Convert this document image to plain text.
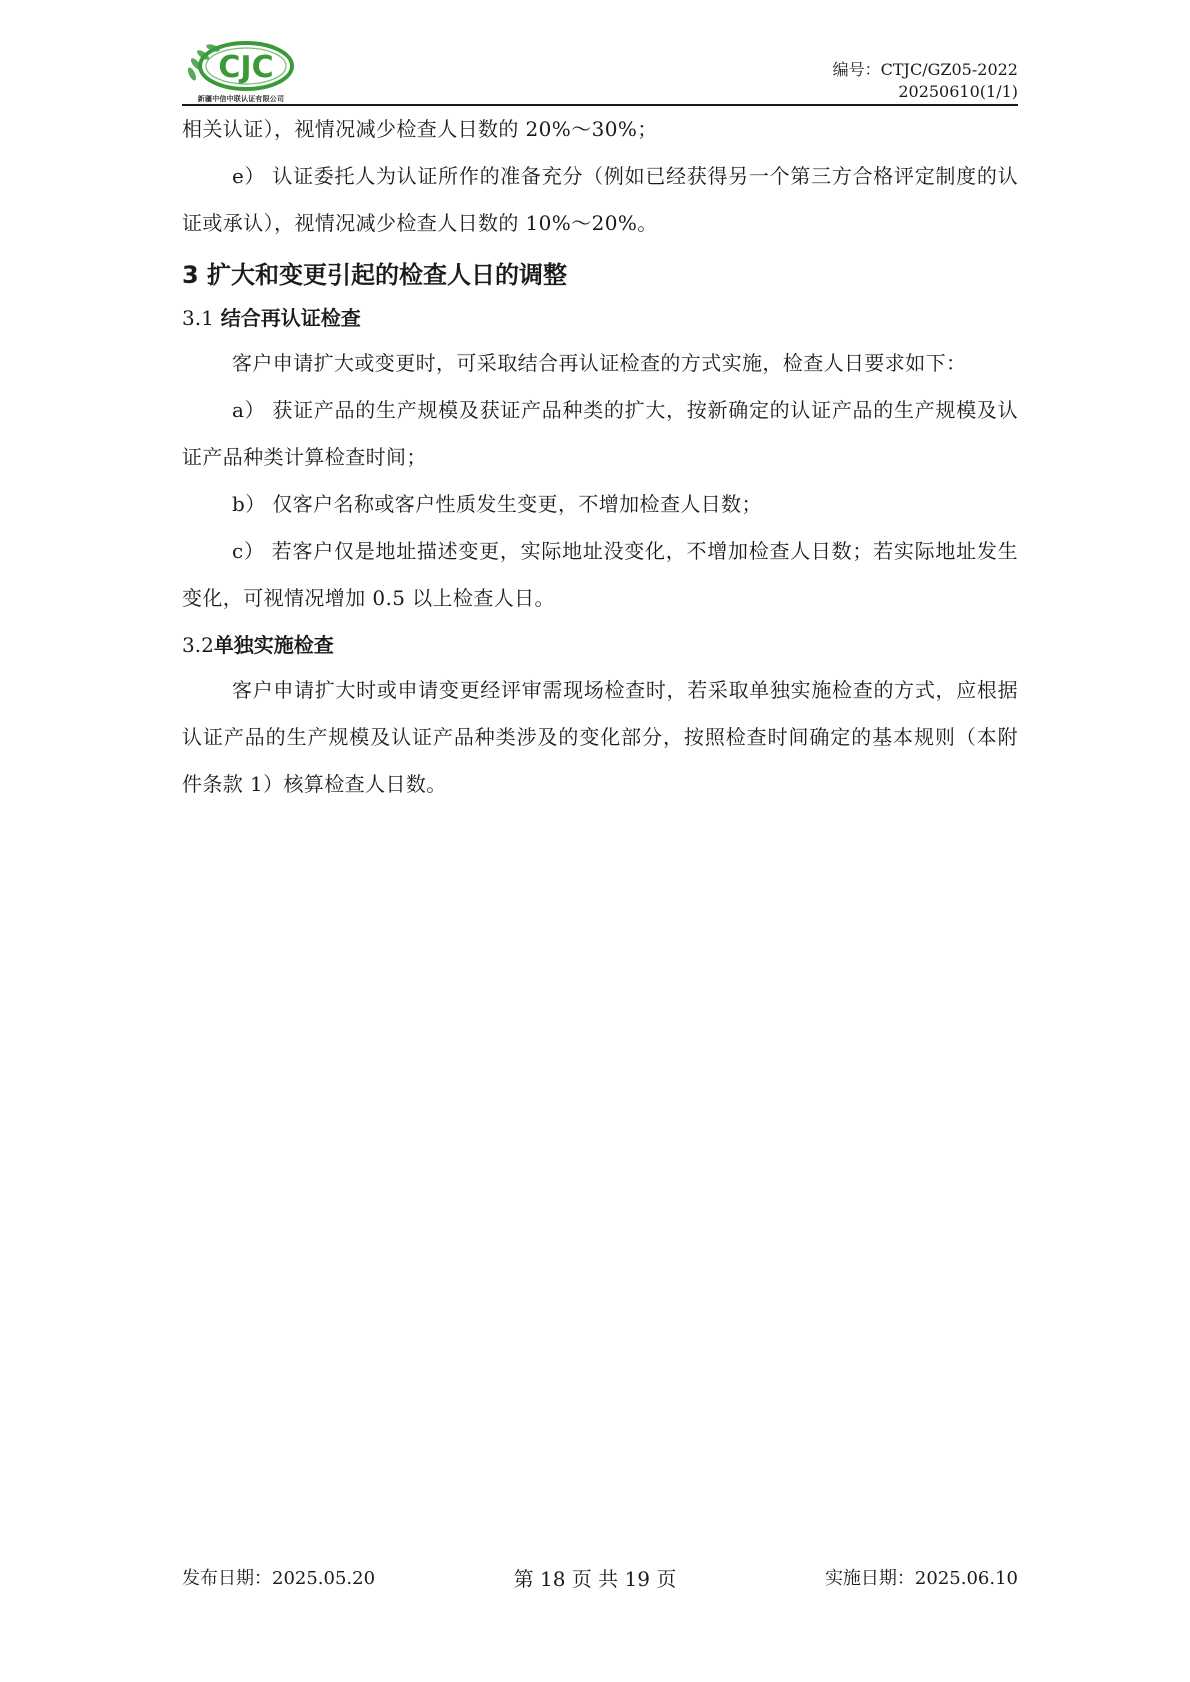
CJC
新疆中信中联认证有限公司
编号：CTJC/GZ05-2022
20250610(1/1)

相关认证），视情况减少检查人日数的 20%～30%；

e） 认证委托人为认证所作的准备充分（例如已经获得另一个第三方合格评定制度的认证或承认），视情况减少检查人日数的 10%～20%。

3 扩大和变更引起的检查人日的调整
3.1 结合再认证检查

客户申请扩大或变更时，可采取结合再认证检查的方式实施，检查人日要求如下：

a） 获证产品的生产规模及获证产品种类的扩大，按新确定的认证产品的生产规模及认证产品种类计算检查时间；

b） 仅客户名称或客户性质发生变更，不增加检查人日数；

c） 若客户仅是地址描述变更，实际地址没变化，不增加检查人日数；若实际地址发生变化，可视情况增加 0.5 以上检查人日。

3.2单独实施检查

客户申请扩大时或申请变更经评审需现场检查时，若采取单独实施检查的方式，应根据认证产品的生产规模及认证产品种类涉及的变化部分，按照检查时间确定的基本规则（本附件条款 1）核算检查人日数。

发布日期：2025.05.20	第 18 页 共 19 页	实施日期：2025.06.10
